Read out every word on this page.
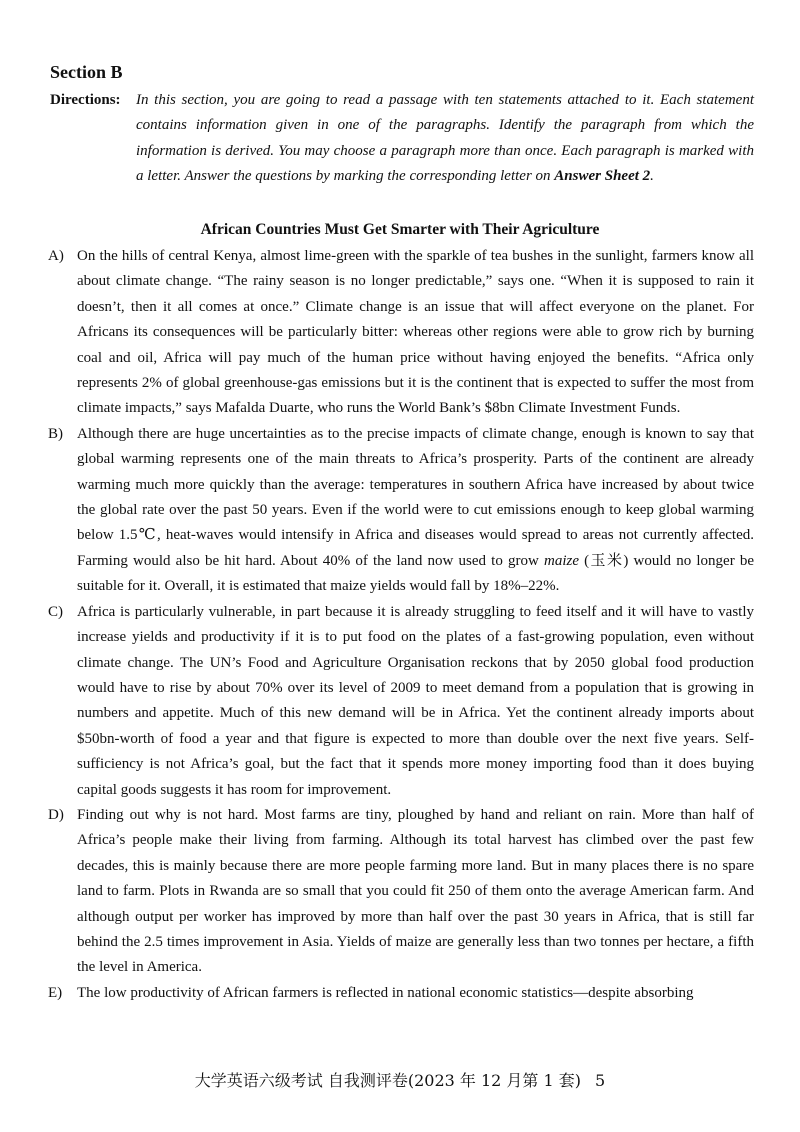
Section B
Directions:	In this section, you are going to read a passage with ten statements attached to it. Each statement contains information given in one of the paragraphs. Identify the paragraph from which the information is derived. You may choose a paragraph more than once. Each paragraph is marked with a letter. Answer the questions by marking the corresponding letter on Answer Sheet 2.
African Countries Must Get Smarter with Their Agriculture

A) On the hills of central Kenya, almost lime-green with the sparkle of tea bushes in the sunlight, farmers know all about climate change. “The rainy season is no longer predictable,” says one. “When it is supposed to rain it doesn’t, then it all comes at once.” Climate change is an issue that will affect everyone on the planet. For Africans its consequences will be particularly bitter: whereas other regions were able to grow rich by burning coal and oil, Africa will pay much of the human price without having enjoyed the benefits. “Africa only represents 2% of global greenhouse-gas emissions but it is the continent that is expected to suffer the most from climate impacts,” says Mafalda Duarte, who runs the World Bank’s $8bn Climate Investment Funds.

B) Although there are huge uncertainties as to the precise impacts of climate change, enough is known to say that global warming represents one of the main threats to Africa’s prosperity. Parts of the continent are already warming much more quickly than the average: temperatures in southern Africa have increased by about twice the global rate over the past 50 years. Even if the world were to cut emissions enough to keep global warming below 1.5℃, heat-waves would intensify in Africa and diseases would spread to areas not currently affected. Farming would also be hit hard. About 40% of the land now used to grow maize (玉米) would no longer be suitable for it. Overall, it is estimated that maize yields would fall by 18%–22%.

C) Africa is particularly vulnerable, in part because it is already struggling to feed itself and it will have to vastly increase yields and productivity if it is to put food on the plates of a fast-growing population, even without climate change. The UN’s Food and Agriculture Organisation reckons that by 2050 global food production would have to rise by about 70% over its level of 2009 to meet demand from a population that is growing in numbers and appetite. Much of this new demand will be in Africa. Yet the continent already imports about $50bn-worth of food a year and that figure is expected to more than double over the next five years. Self-sufficiency is not Africa’s goal, but the fact that it spends more money importing food than it does buying capital goods suggests it has room for improvement.

D) Finding out why is not hard. Most farms are tiny, ploughed by hand and reliant on rain. More than half of Africa’s people make their living from farming. Although its total harvest has climbed over the past few decades, this is mainly because there are more people farming more land. But in many places there is no spare land to farm. Plots in Rwanda are so small that you could fit 250 of them onto the average American farm. And although output per worker has improved by more than half over the past 30 years in Africa, that is still far behind the 2.5 times improvement in Asia. Yields of maize are generally less than two tonnes per hectare, a fifth the level in America.

E) The low productivity of African farmers is reflected in national economic statistics—despite absorbing

大学英语六级考试 自我测评卷(2023 年 12 月第 1 套) 5
